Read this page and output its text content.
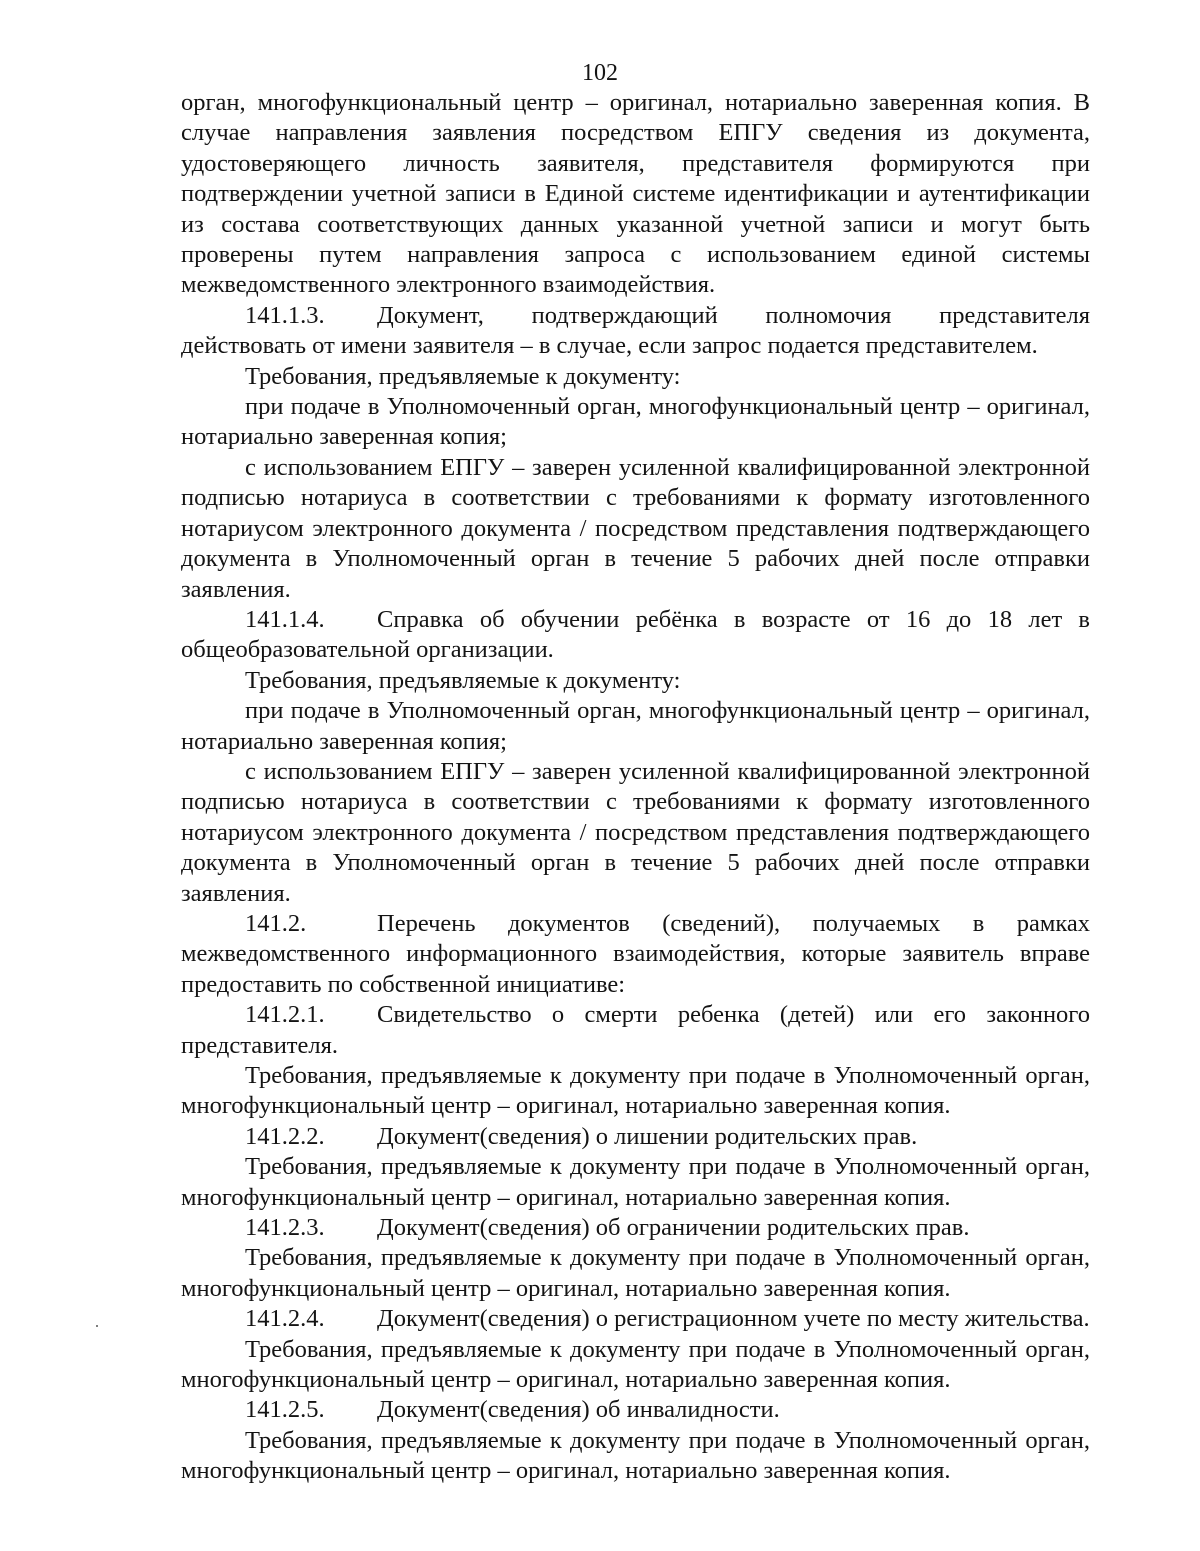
102

орган, многофункциональный центр – оригинал, нотариально заверенная копия. В случае направления заявления посредством ЕПГУ сведения из документа, удостоверяющего личность заявителя, представителя формируются при подтверждении учетной записи в Единой системе идентификации и аутентификации из состава соответствующих данных указанной учетной записи и могут быть проверены путем направления запроса с использованием единой системы межведомственного электронного взаимодействия.

141.1.3. Документ, подтверждающий полномочия представителя действовать от имени заявителя – в случае, если запрос подается представителем.

Требования, предъявляемые к документу:

при подаче в Уполномоченный орган, многофункциональный центр – оригинал, нотариально заверенная копия;

с использованием ЕПГУ – заверен усиленной квалифицированной электронной подписью нотариуса в соответствии с требованиями к формату изготовленного нотариусом электронного документа / посредством представления подтверждающего документа в Уполномоченный орган в течение 5 рабочих дней после отправки заявления.

141.1.4. Справка об обучении ребёнка в возрасте от 16 до 18 лет в общеобразовательной организации.

Требования, предъявляемые к документу:

при подаче в Уполномоченный орган, многофункциональный центр – оригинал, нотариально заверенная копия;

с использованием ЕПГУ – заверен усиленной квалифицированной электронной подписью нотариуса в соответствии с требованиями к формату изготовленного нотариусом электронного документа / посредством представления подтверждающего документа в Уполномоченный орган в течение 5 рабочих дней после отправки заявления.

141.2.	Перечень документов (сведений), получаемых в рамках межведомственного информационного взаимодействия, которые заявитель вправе предоставить по собственной инициативе:

141.2.1. Свидетельство о смерти ребенка (детей) или его законного представителя.

Требования, предъявляемые к документу при подаче в Уполномоченный орган, многофункциональный центр – оригинал, нотариально заверенная копия.

141.2.2. Документ(сведения) о лишении родительских прав.

Требования, предъявляемые к документу при подаче в Уполномоченный орган, многофункциональный центр – оригинал, нотариально заверенная копия.

141.2.3. Документ(сведения) об ограничении родительских прав.

Требования, предъявляемые к документу при подаче в Уполномоченный орган, многофункциональный центр – оригинал, нотариально заверенная копия.

141.2.4. Документ(сведения) о регистрационном учете по месту жительства.

Требования, предъявляемые к документу при подаче в Уполномоченный орган, многофункциональный центр – оригинал, нотариально заверенная копия.

141.2.5. Документ(сведения) об инвалидности.

Требования, предъявляемые к документу при подаче в Уполномоченный орган, многофункциональный центр – оригинал, нотариально заверенная копия.
